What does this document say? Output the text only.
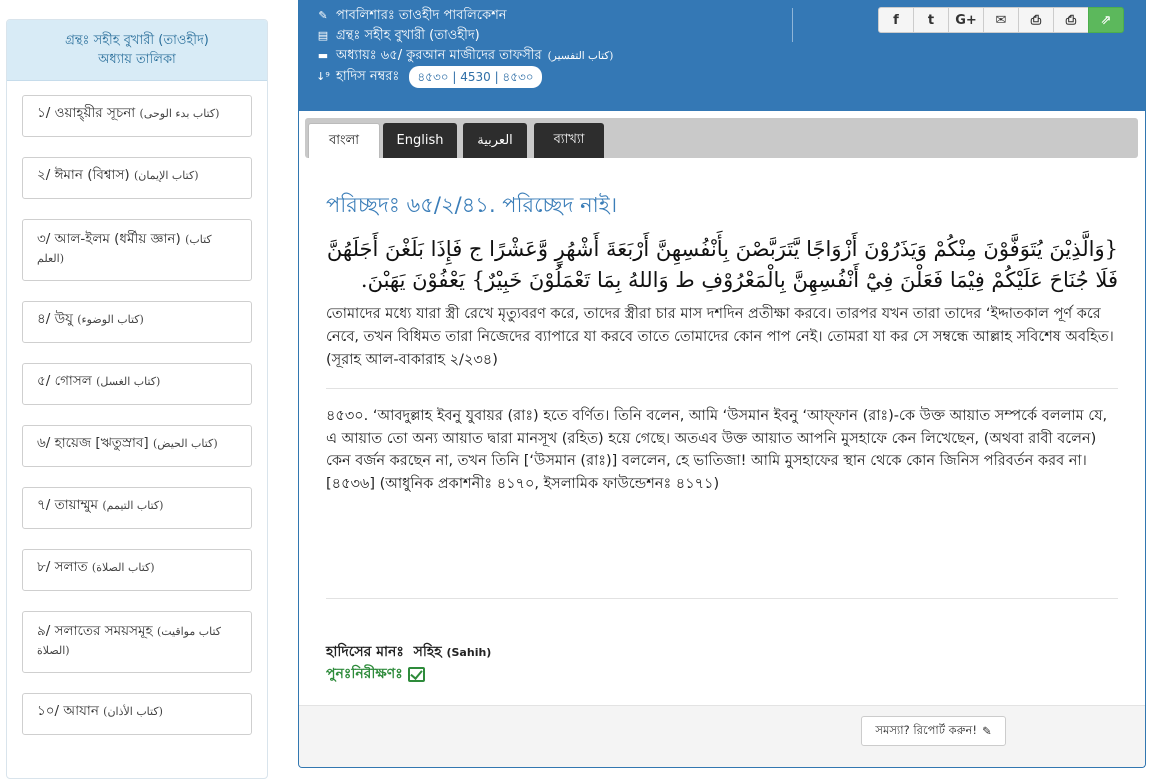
গ্রন্থঃ সহীহ বুখারী (তাওহীদ)
অধ্যায় তালিকা
১/ ওয়াহ্‌য়ীর সূচনা (كتاب بدء الوحى)
২/ ঈমান (বিশ্বাস) (كتاب الإيمان)
৩/ আল-ইলম (ধর্মীয় জ্ঞান) (كتاب العلم)
৪/ উযু (كتاب الوضوء)
৫/ গোসল (كتاب الغسل)
৬/ হায়েজ [ঋতুস্রাব] (كتاب الحيض)
৭/ তায়াম্মুম (كتاب التيمم)
৮/ সলাত (كتاب الصلاة)
৯/ সলাতের সময়সমূহ (كتاب مواقيت الصلاة)
১০/ আযান (كتاب الأذان)
✎ পাবলিশারঃ তাওহীদ পাবলিকেশন
▤ গ্রন্থঃ সহীহ বুখারী (তাওহীদ)
▬ অধ্যায়ঃ ৬৫/ কুরআন মাজীদের তাফসীর (كتاب التفسير)
↓⁹ হাদিস নম্বরঃ	৪৫৩০ | 4530 | ৪৫৩০
f	t	G+	✉	⎙	⎙	⇗
বাংলা	English	العربية	ব্যাখ্যা
পরিচ্ছদঃ ৬৫/২/৪১. পরিচ্ছেদ নাই।
{وَالَّذِيْنَ يُتَوَفَّوْنَ مِنْكُمْ وَيَذَرُوْنَ أَزْوَاجًا يَّتَرَبَّصْنَ بِأَنْفُسِهِنَّ أَرْبَعَةَ أَشْهُرٍ وَّعَشْرًا ج فَإِذَا بَلَغْنَ أَجَلَهُنَّ فَلَا جُنَاحَ عَلَيْكُمْ فِيْمَا فَعَلْنَ فِيْٓ أَنْفُسِهِنَّ بِالْمَعْرُوْفِ ط وَاللهُ بِمَا تَعْمَلُوْنَ خَبِيْرٌ} يَعْفُوْنَ يَهَبْنَ.
তোমাদের মধ্যে যারা স্ত্রী রেখে মৃত্যুবরণ করে, তাদের স্ত্রীরা চার মাস দশদিন প্রতীক্ষা করবে। তারপর যখন তারা তাদের ‘ইদ্দাতকাল পূর্ণ করে নেবে, তখন বিধিমত তারা নিজেদের ব্যাপারে যা করবে তাতে তোমাদের কোন পাপ নেই। তোমরা যা কর সে সম্বন্ধে আল্লাহ সবিশেষ অবহিত। (সূরাহ আল-বাকারাহ ২/২৩৪)
৪৫৩০. ‘আবদুল্লাহ ইবনু যুবায়র (রাঃ) হতে বর্ণিত। তিনি বলেন, আমি ‘উসমান ইবনু ‘আফ্‌ফান (রাঃ)-কে উক্ত আয়াত সম্পর্কে বললাম যে, এ আয়াত তো অন্য আয়াত দ্বারা মানসূখ (রহিত) হয়ে গেছে। অতএব উক্ত আয়াত আপনি মুসহাফে কেন লিখেছেন, (অথবা রাবী বলেন) কেন বর্জন করছেন না, তখন তিনি [‘উসমান (রাঃ)] বললেন, হে ভাতিজা! আমি মুসহাফের স্থান থেকে কোন জিনিস পরিবর্তন করব না। [৪৫৩৬] (আধুনিক প্রকাশনীঃ ৪১৭০, ইসলামিক ফাউন্ডেশনঃ ৪১৭১)
হাদিসের মানঃ সহিহ (Sahih)
পুনঃনিরীক্ষণঃ
সমস্যা? রিপোর্ট করুন! ✎
